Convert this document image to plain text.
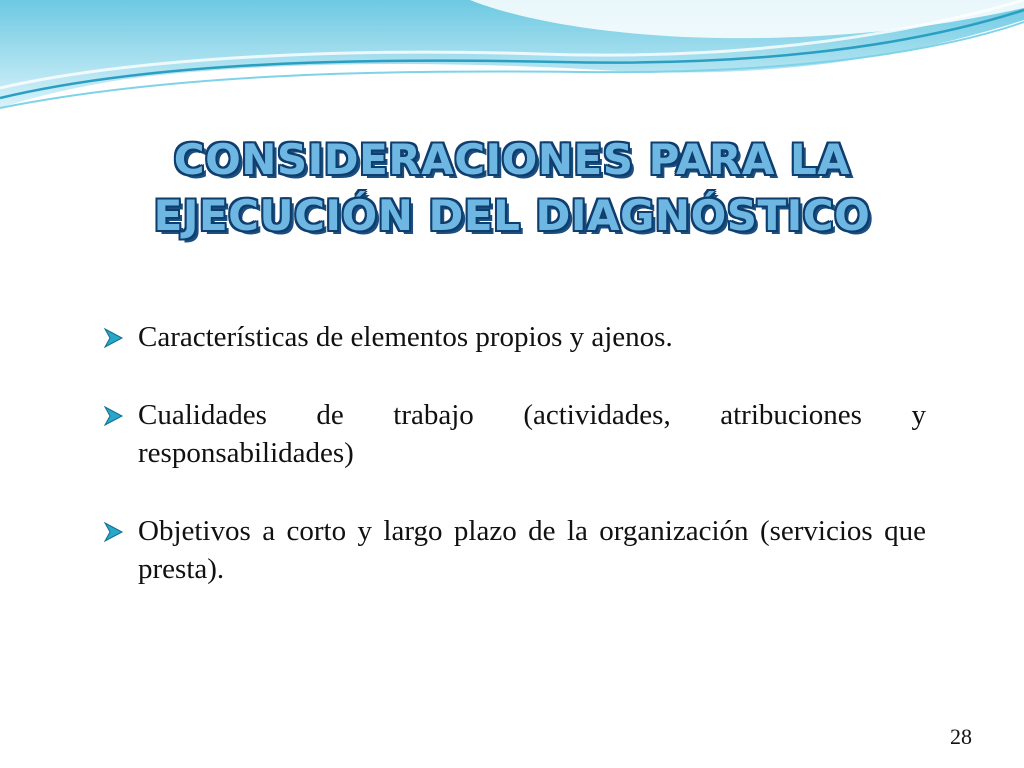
CONSIDERACIONES PARA LA
EJECUCIÓN DEL DIAGNÓSTICO
Características de elementos propios y ajenos.
Cualidades de trabajo (actividades, atribuciones y responsabilidades)
Objetivos a corto y largo plazo de la organización (servicios que presta).
28
